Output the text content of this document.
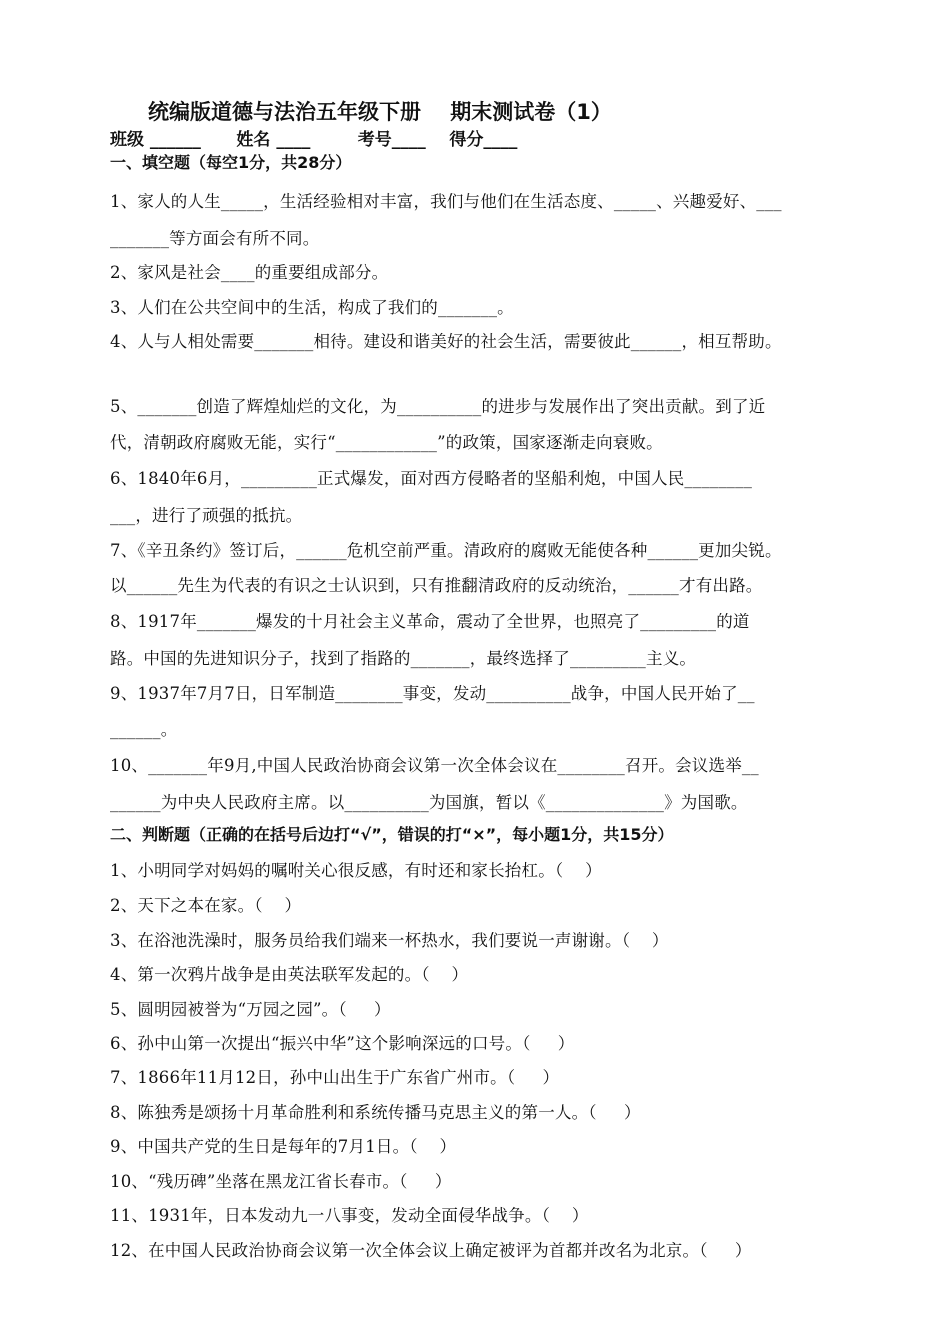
统编版道德与法治五年级下册    期末测试卷（1）
班级 ______      姓名 ____        考号____    得分____
一、填空题（每空1分，共28分）
1、家人的人生_____，生活经验相对丰富，我们与他们在生活态度、_____、兴趣爱好、___
_______等方面会有所不同。
2、家风是社会____的重要组成部分。
3、人们在公共空间中的生活，构成了我们的_______。
4、人与人相处需要_______相待。建设和谐美好的社会生活，需要彼此______，相互帮助。
5、_______创造了辉煌灿烂的文化，为__________的进步与发展作出了突出贡献。到了近
代，清朝政府腐败无能，实行“____________”的政策，国家逐渐走向衰败。
6、1840年6月，_________正式爆发，面对西方侵略者的坚船利炮，中国人民________
___，进行了顽强的抵抗。
7、《辛丑条约》签订后，______危机空前严重。清政府的腐败无能使各种______更加尖锐。
以______先生为代表的有识之士认识到，只有推翻清政府的反动统治，______才有出路。
8、1917年_______爆发的十月社会主义革命，震动了全世界，也照亮了_________的道
路。中国的先进知识分子，找到了指路的_______，最终选择了_________主义。
9、1937年7月7日，日军制造________事变，发动__________战争，中国人民开始了__
______。
10、_______年9月,中国人民政治协商会议第一次全体会议在________召开。会议选举__
______为中央人民政府主席。以__________为国旗，暂以《______________》为国歌。
二、判断题（正确的在括号后边打“√”，错误的打“×”，每小题1分，共15分）
1、小明同学对妈妈的嘱咐关心很反感，有时还和家长抬杠。（    ）
2、天下之本在家。（    ）
3、在浴池洗澡时，服务员给我们端来一杯热水，我们要说一声谢谢。（    ）
4、第一次鸦片战争是由英法联军发起的。（    ）
5、圆明园被誉为“万园之园”。（     ）
6、孙中山第一次提出“振兴中华”这个影响深远的口号。（     ）
7、1866年11月12日，孙中山出生于广东省广州市。（     ）
8、陈独秀是颂扬十月革命胜利和系统传播马克思主义的第一人。（     ）
9、中国共产党的生日是每年的7月1日。（    ）
10、“残历碑”坐落在黑龙江省长春市。（     ）
11、1931年，日本发动九一八事变，发动全面侵华战争。（    ）
12、在中国人民政治协商会议第一次全体会议上确定被评为首都并改名为北京。（     ）
